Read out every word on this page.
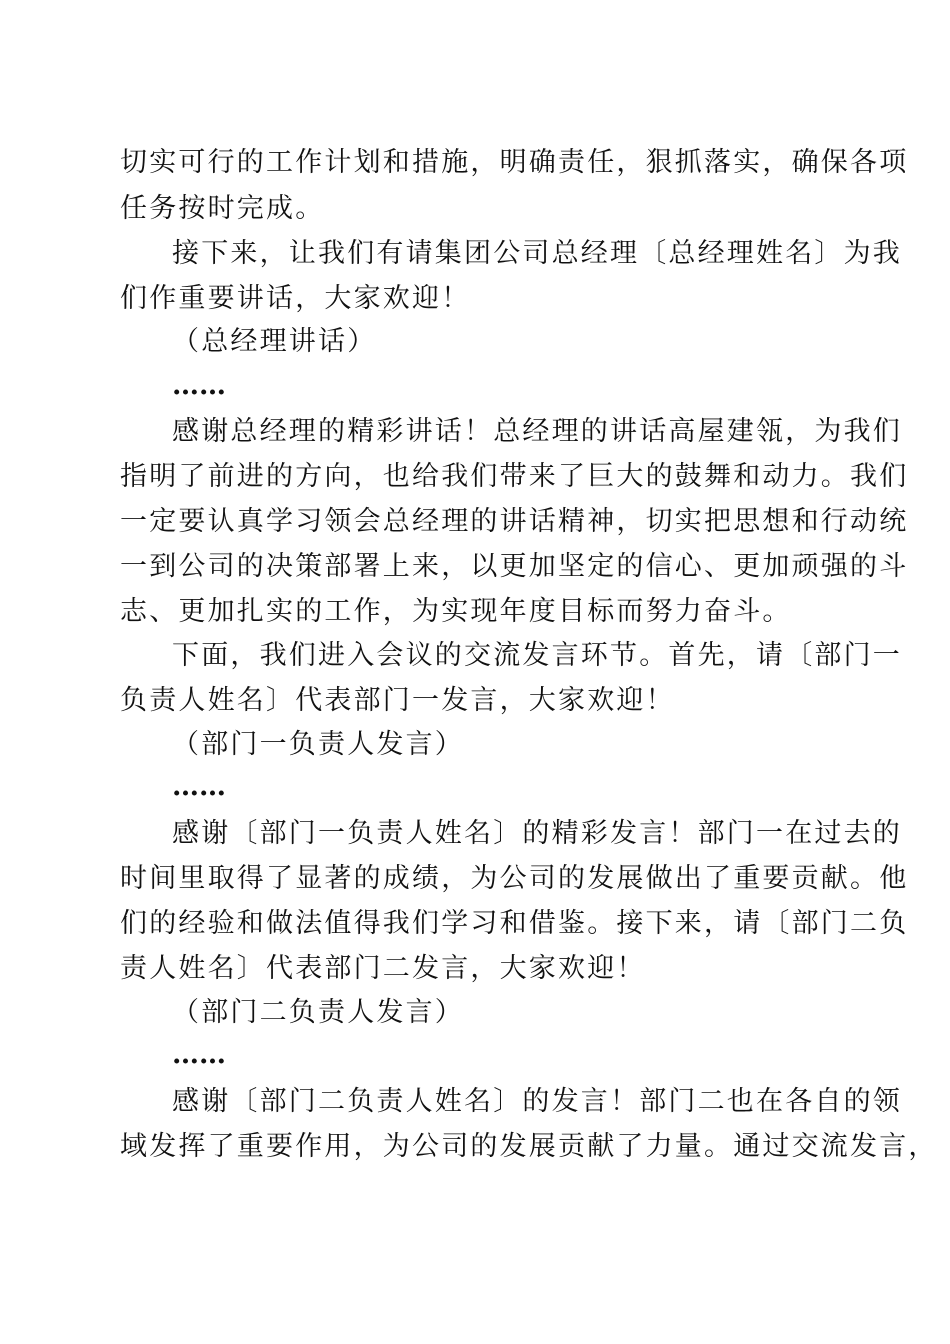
切实可行的工作计划和措施，明确责任，狠抓落实，确保各项
任务按时完成。
接下来，让我们有请集团公司总经理〔总经理姓名〕为我
们作重要讲话，大家欢迎！
（总经理讲话）
……
感谢总经理的精彩讲话！总经理的讲话高屋建瓴，为我们
指明了前进的方向，也给我们带来了巨大的鼓舞和动力。我们
一定要认真学习领会总经理的讲话精神，切实把思想和行动统
一到公司的决策部署上来，以更加坚定的信心、更加顽强的斗
志、更加扎实的工作，为实现年度目标而努力奋斗。
下面，我们进入会议的交流发言环节。首先，请〔部门一
负责人姓名〕代表部门一发言，大家欢迎！
（部门一负责人发言）
……
感谢〔部门一负责人姓名〕的精彩发言！部门一在过去的
时间里取得了显著的成绩，为公司的发展做出了重要贡献。他
们的经验和做法值得我们学习和借鉴。接下来，请〔部门二负
责人姓名〕代表部门二发言，大家欢迎！
（部门二负责人发言）
……
感谢〔部门二负责人姓名〕的发言！部门二也在各自的领
域发挥了重要作用，为公司的发展贡献了力量。通过交流发言，
